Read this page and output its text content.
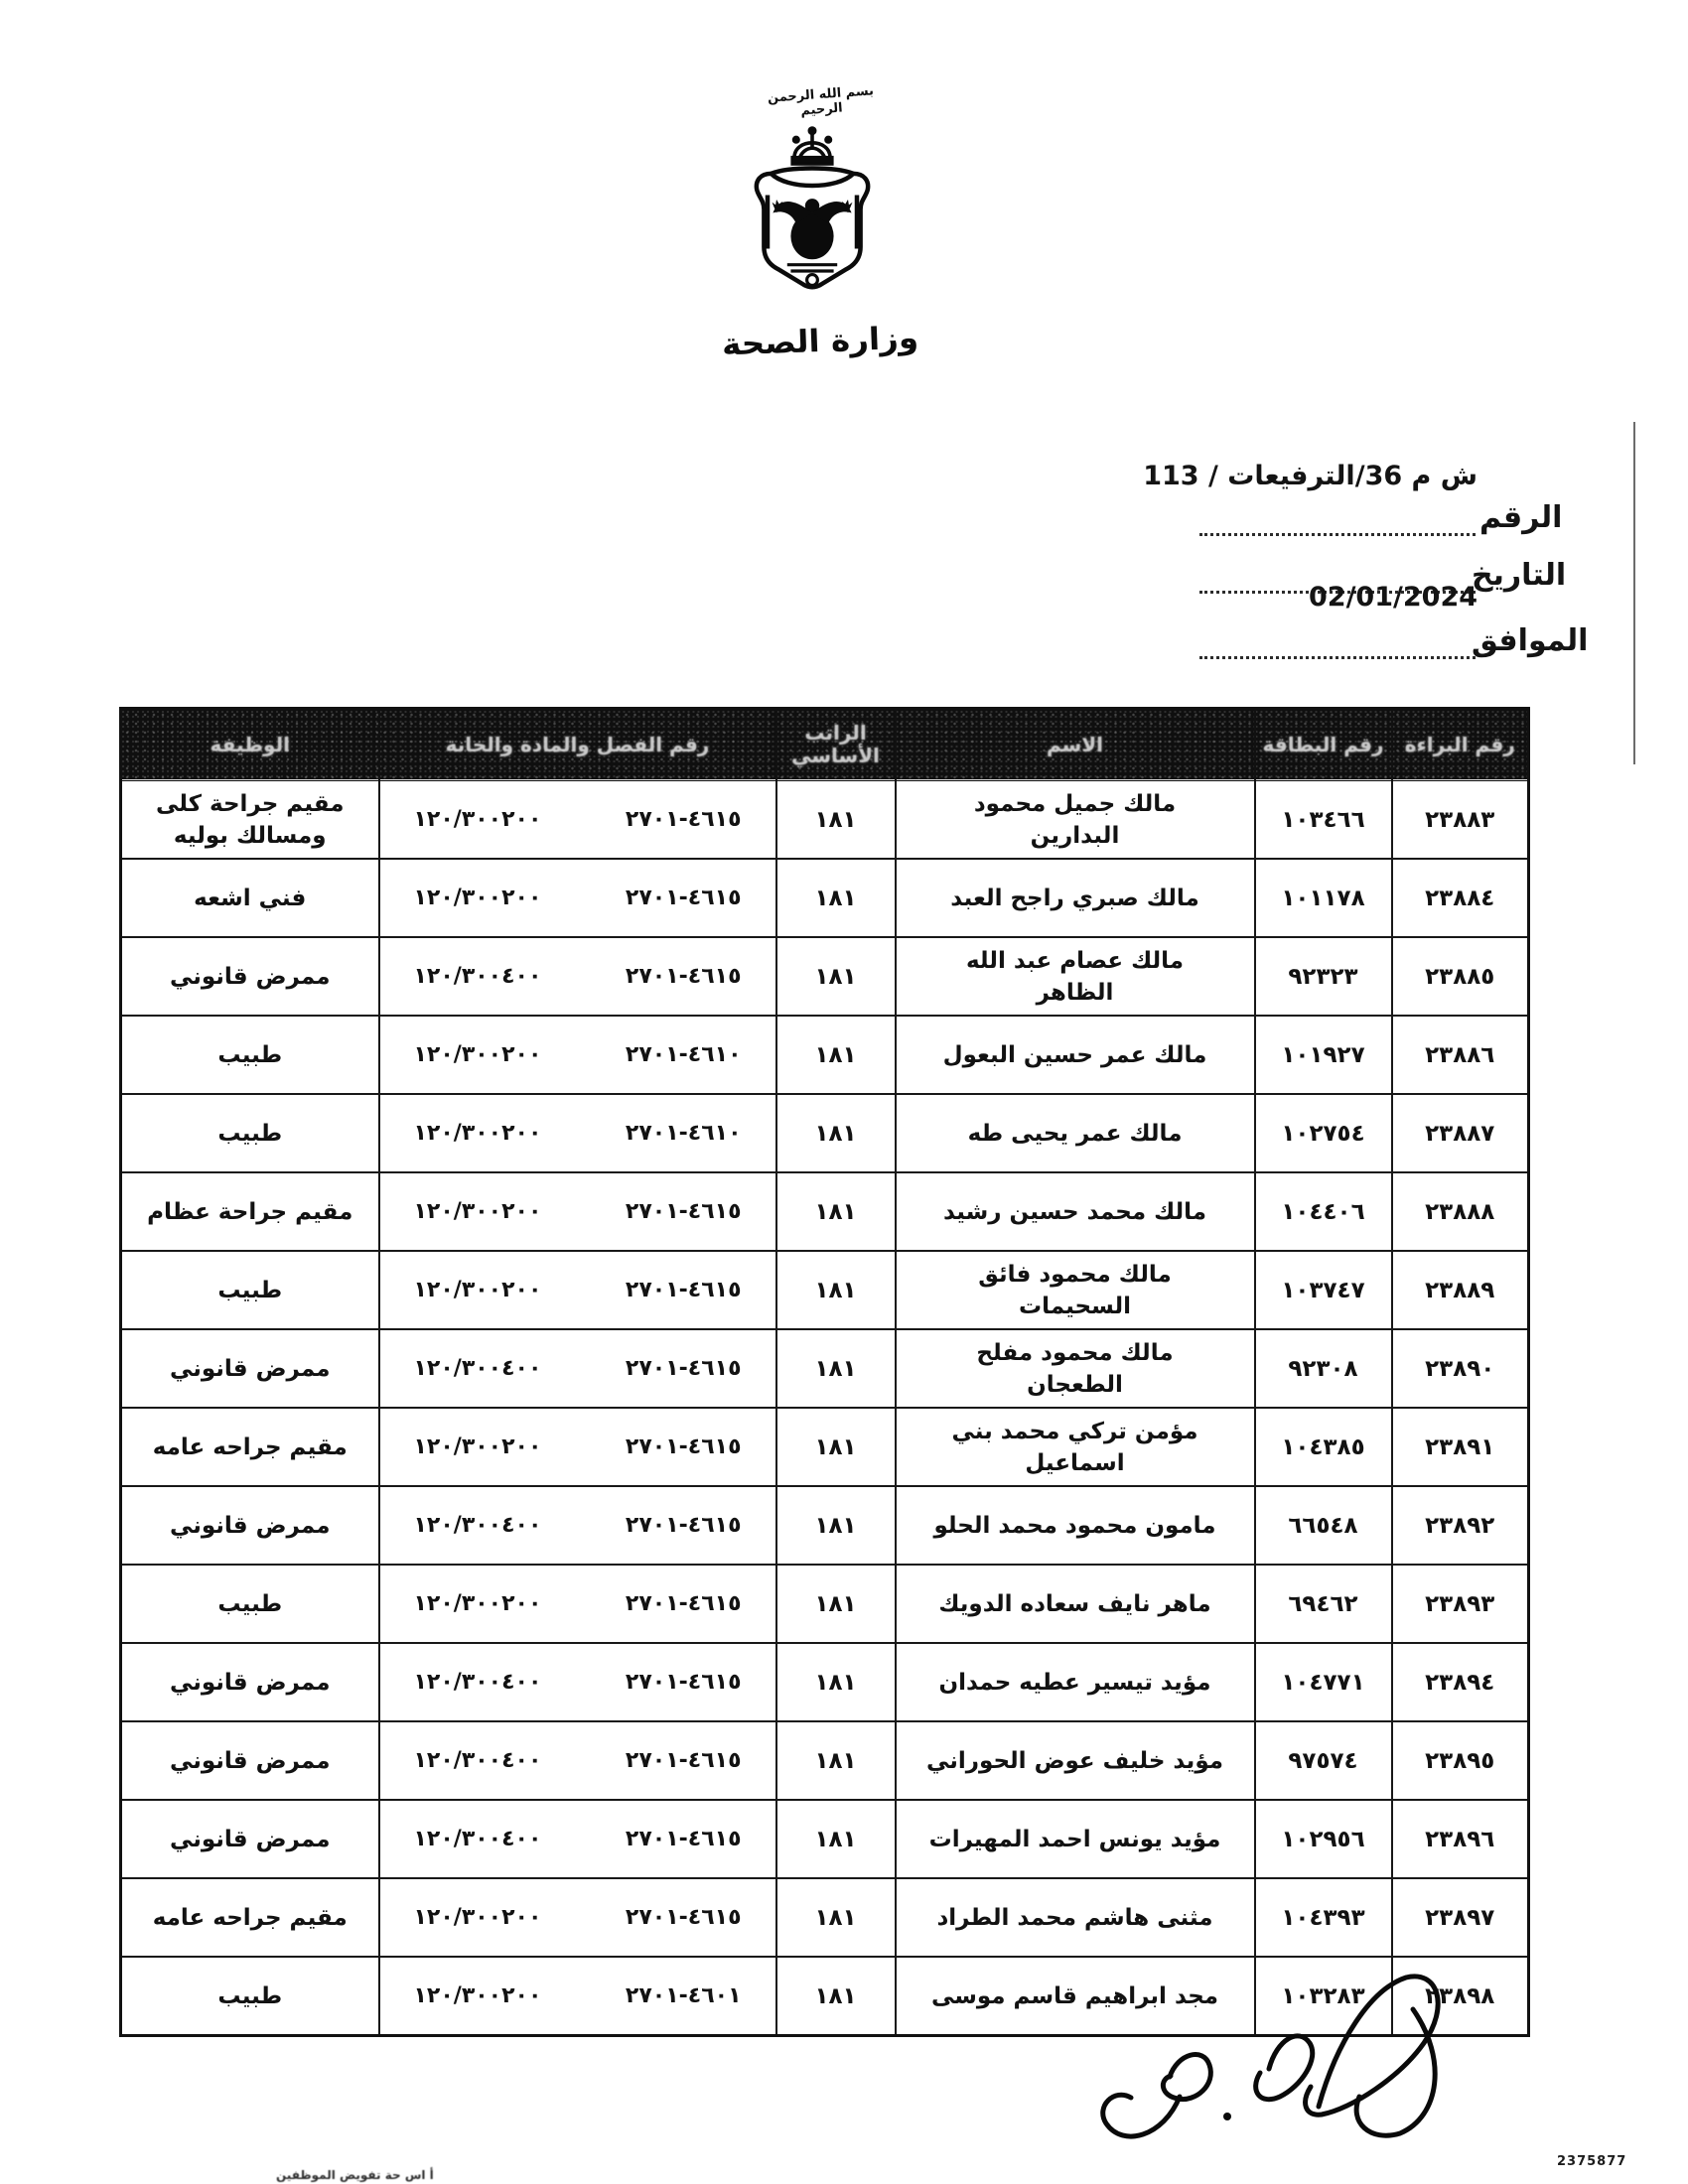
بسم الله الرحمن الرحيم
وزارة الصحة
ش م 36/الترفيعات / 113
الرقم
التاريخ
02/01/2024
الموافق
رقم البراءة	رقم البطاقة	الاسم	الراتب الأساسي	رقم الفصل والمادة والخانة	الوظيفة

٢٣٨٨٣	١٠٣٤٦٦	مالك جميل محمود البدارين	١٨١	١٢٠/٣٠٠٢٠٠ ٤٦١٥-٢٧٠١	مقيم جراحة كلى ومسالك بوليه
٢٣٨٨٤	١٠١١٧٨	مالك صبري راجح العبد	١٨١	١٢٠/٣٠٠٢٠٠ ٤٦١٥-٢٧٠١	فني اشعه
٢٣٨٨٥	٩٢٣٢٣	مالك عصام عبد الله الظاهر	١٨١	١٢٠/٣٠٠٤٠٠ ٤٦١٥-٢٧٠١	ممرض قانوني
٢٣٨٨٦	١٠١٩٢٧	مالك عمر حسين البعول	١٨١	١٢٠/٣٠٠٢٠٠ ٤٦١٠-٢٧٠١	طبيب
٢٣٨٨٧	١٠٢٧٥٤	مالك عمر يحيى طه	١٨١	١٢٠/٣٠٠٢٠٠ ٤٦١٠-٢٧٠١	طبيب
٢٣٨٨٨	١٠٤٤٠٦	مالك محمد حسين رشيد	١٨١	١٢٠/٣٠٠٢٠٠ ٤٦١٥-٢٧٠١	مقيم جراحة عظام
٢٣٨٨٩	١٠٣٧٤٧	مالك محمود فائق السحيمات	١٨١	١٢٠/٣٠٠٢٠٠ ٤٦١٥-٢٧٠١	طبيب
٢٣٨٩٠	٩٢٣٠٨	مالك محمود مفلح الطعجان	١٨١	١٢٠/٣٠٠٤٠٠ ٤٦١٥-٢٧٠١	ممرض قانوني
٢٣٨٩١	١٠٤٣٨٥	مؤمن تركي محمد بني اسماعيل	١٨١	١٢٠/٣٠٠٢٠٠ ٤٦١٥-٢٧٠١	مقيم جراحه عامه
٢٣٨٩٢	٦٦٥٤٨	مامون محمود محمد الحلو	١٨١	١٢٠/٣٠٠٤٠٠ ٤٦١٥-٢٧٠١	ممرض قانوني
٢٣٨٩٣	٦٩٤٦٢	ماهر نايف سعاده الدويك	١٨١	١٢٠/٣٠٠٢٠٠ ٤٦١٥-٢٧٠١	طبيب
٢٣٨٩٤	١٠٤٧٧١	مؤيد تيسير عطيه حمدان	١٨١	١٢٠/٣٠٠٤٠٠ ٤٦١٥-٢٧٠١	ممرض قانوني
٢٣٨٩٥	٩٧٥٧٤	مؤيد خليف عوض الحوراني	١٨١	١٢٠/٣٠٠٤٠٠ ٤٦١٥-٢٧٠١	ممرض قانوني
٢٣٨٩٦	١٠٢٩٥٦	مؤيد يونس احمد المهيرات	١٨١	١٢٠/٣٠٠٤٠٠ ٤٦١٥-٢٧٠١	ممرض قانوني
٢٣٨٩٧	١٠٤٣٩٣	مثنى هاشم محمد الطراد	١٨١	١٢٠/٣٠٠٢٠٠ ٤٦١٥-٢٧٠١	مقيم جراحه عامه
٢٣٨٩٨	١٠٣٢٨٣	مجد ابراهيم قاسم موسى	١٨١	١٢٠/٣٠٠٢٠٠ ٤٦٠١-٢٧٠١	طبيب
أ اس حة تفويض الموظفين
2375877
